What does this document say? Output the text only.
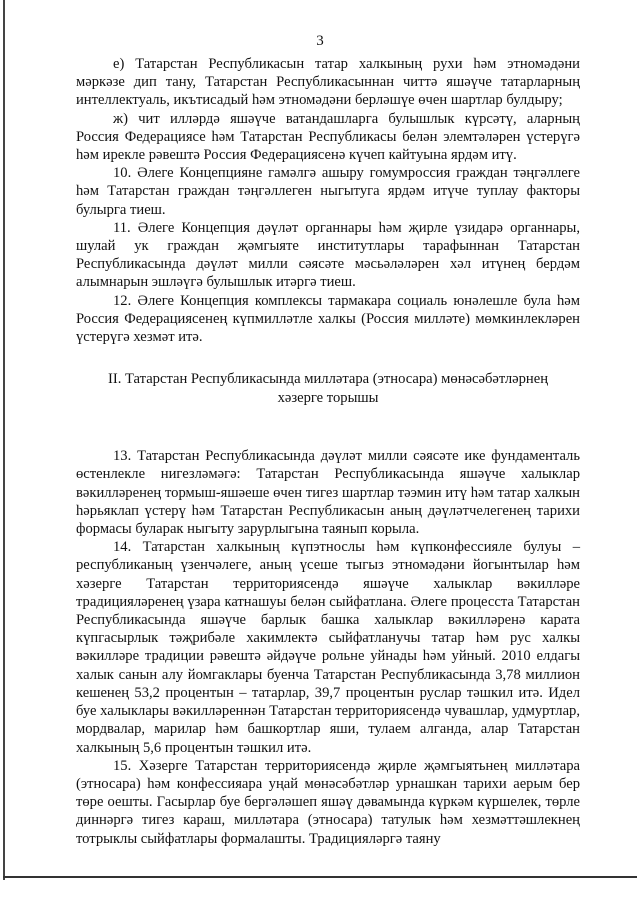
3

е) Татарстан Республикасын татар халкының рухи һәм этномәдәни мәркәзе дип тану, Татарстан Республикасыннан читтә яшәүче татарларның интеллектуаль, икътисадый һәм этномәдәни берләшүе өчен шартлар булдыру;

ж) чит илләрдә яшәүче ватандашларга булышлык күрсәтү, аларның Россия Федерациясе һәм Татарстан Республикасы белән элемтәләрен үстерүгә һәм ирекле рәвештә Россия Федерациясенә күчеп кайтуына ярдәм итү.

10. Әлеге Концепцияне гамәлгә ашыру гомумроссия граждан тәңгәллеге һәм Татарстан граждан тәңгәллеген ныгытуга ярдәм итүче туплау факторы булырга тиеш.

11. Әлеге Концепция дәүләт органнары һәм җирле үзидарә органнары, шулай ук граждан җәмгыяте институтлары тарафыннан Татарстан Республикасында дәүләт милли сәясәте мәсьәләләрен хәл итүнең бердәм алымнарын эшләүгә булышлык итәргә тиеш.

12. Әлеге Концепция комплексы тармакара социаль юнәлешле була һәм Россия Федерациясенең күпмилләтле халкы (Россия милләте) мөмкинлекләрен үстерүгә хезмәт итә.

II. Татарстан Республикасында милләтара (этносара) мөнәсәбәтләрнең
хәзерге торышы

13. Татарстан Республикасында дәүләт милли сәясәте ике фундаменталь өстенлекле нигезләмәгә: Татарстан Республикасында яшәүче халыклар вәкилләренең тормыш-яшәеше өчен тигез шартлар тәэмин итү һәм татар халкын һәрьяклап үстерү һәм Татарстан Республикасын аның дәүләтчелегенең тарихи формасы буларак ныгыту зарурлыгына таянып корыла.

14. Татарстан халкының күпэтнослы һәм күпконфессияле булуы – республиканың үзенчәлеге, аның үсеше тыгыз этномәдәни йогынтылар һәм хәзерге Татарстан территориясендә яшәүче халыклар вәкилләре традицияләренең үзара катнашуы белән сыйфатлана. Әлеге процесста Татарстан Республикасында яшәүче барлык башка халыклар вәкилләренә карата күпгасырлык тәҗрибәле хакимлектә сыйфатланучы татар һәм рус халкы вәкилләре традиции рәвештә әйдәүче рольне уйнады һәм уйный. 2010 елдагы халык санын алу йомгаклары буенча Татарстан Республикасында 3,78 миллион кешенең 53,2 процентын – татарлар, 39,7 процентын руслар тәшкил итә. Идел буе халыклары вәкилләреннән Татарстан территориясендә чувашлар, удмуртлар, мордвалар, марилар һәм башкортлар яши, тулаем алганда, алар Татарстан халкының 5,6 процентын тәшкил итә.

15. Хәзерге Татарстан территориясендә җирле җәмгыятьнең милләтара (этносара) һәм конфессияара уңай мөнәсәбәтләр урнашкан тарихи аерым бер төре оешты. Гасырлар буе бергәләшеп яшәү дәвамында күркәм күршелек, төрле диннәргә тигез караш, милләтара (этносара) татулык һәм хезмәттәшлекнең тотрыклы сыйфатлары формалашты. Традицияләргә таяну
